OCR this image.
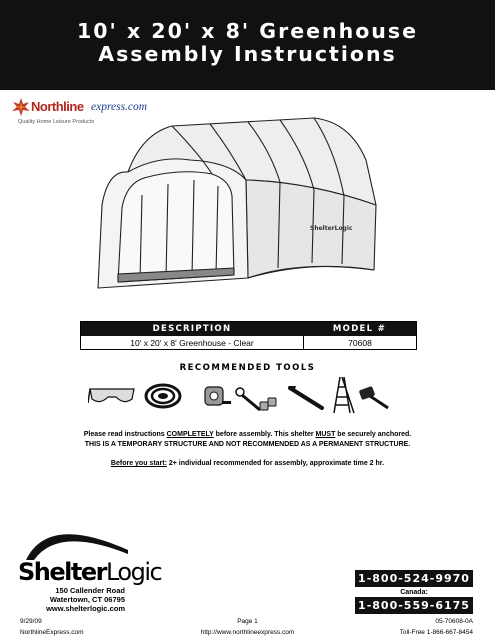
10' x 20' x 8' Greenhouse
Assembly Instructions
Northline express.com
Quality Home Leisure Products
ShelterLogic
DESCRIPTION	MODEL #
10' x 20' x 8' Greenhouse - Clear	70608
RECOMMENDED TOOLS
Please read instructions COMPLETELY before assembly. This shelter MUST be securely anchored.
THIS IS A TEMPORARY STRUCTURE AND NOT RECOMMENDED AS A PERMANENT STRUCTURE.
Before you start: 2+ individual recommended for assembly, approximate time 2 hr.
ShelterLogic
150 Callender Road
Watertown, CT 06795
www.shelterlogic.com
1-800-524-9970
Canada:
1-800-559-6175
9/29/09	Page 1	05-70608-0A
NorthlineExpress.com	http://www.northlineexpress.com	Toll-Free 1-866-667-8454
